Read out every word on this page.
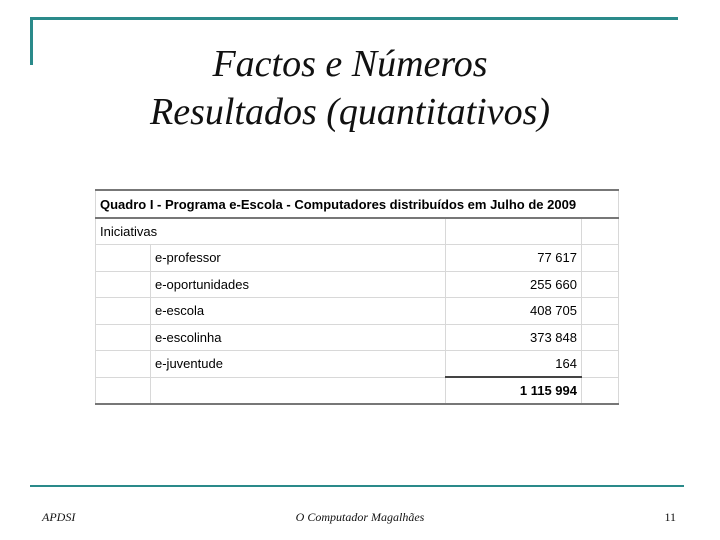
Factos e Números
Resultados (quantitativos)
Quadro I - Programa e-Escola - Computadores distribuídos em Julho de 2009			
Iniciativas			
	e-professor	77 617	
	e-oportunidades	255 660	
	e-escola	408 705	
	e-escolinha	373 848	
	e-juventude	164	
		1 115 994	
APDSI	O Computador Magalhães	11
